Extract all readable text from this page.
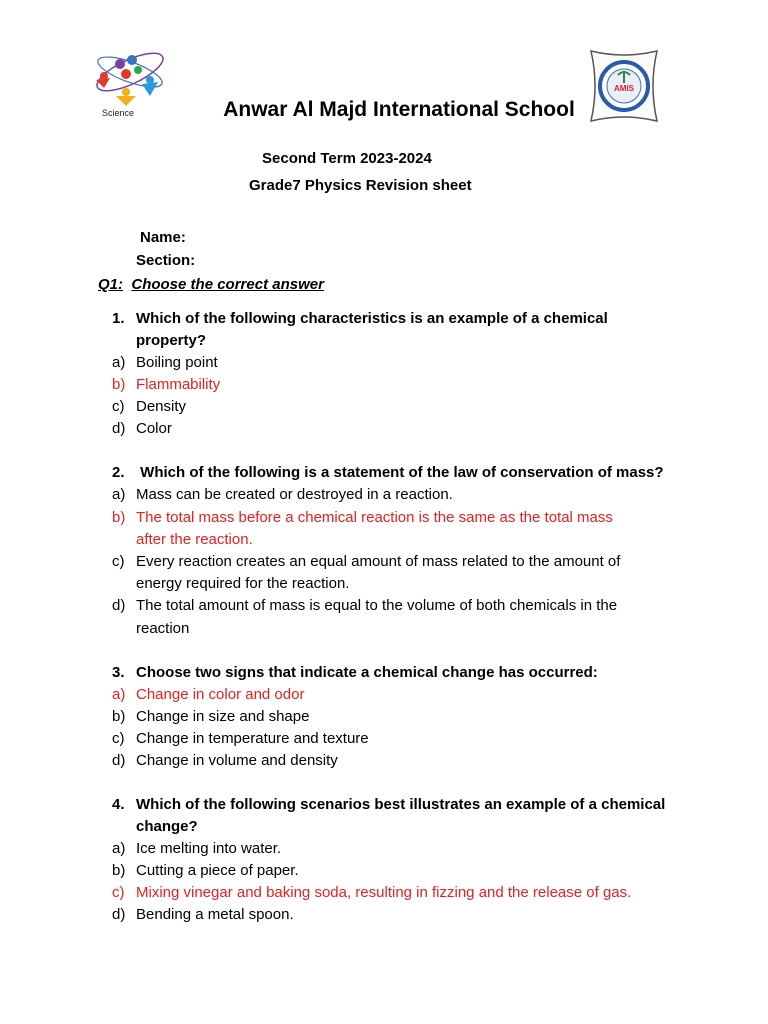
Science
AMIS
Anwar Al Majd International School
Second Term 2023-2024
Grade7 Physics Revision sheet
Name:
Section:
Q1: Choose the correct answer
1. Which of the following characteristics is an example of a chemical
property?
a) Boiling point
b) Flammability
c) Density
d) Color
2. Which of the following is a statement of the law of conservation of mass?
a) Mass can be created or destroyed in a reaction.
b) The total mass before a chemical reaction is the same as the total mass
after the reaction.
c) Every reaction creates an equal amount of mass related to the amount of
energy required for the reaction.
d) The total amount of mass is equal to the volume of both chemicals in the
reaction
3. Choose two signs that indicate a chemical change has occurred:
a) Change in color and odor
b) Change in size and shape
c) Change in temperature and texture
d) Change in volume and density
4. Which of the following scenarios best illustrates an example of a chemical
change?
a) Ice melting into water.
b) Cutting a piece of paper.
c) Mixing vinegar and baking soda, resulting in fizzing and the release of gas.
d) Bending a metal spoon.
